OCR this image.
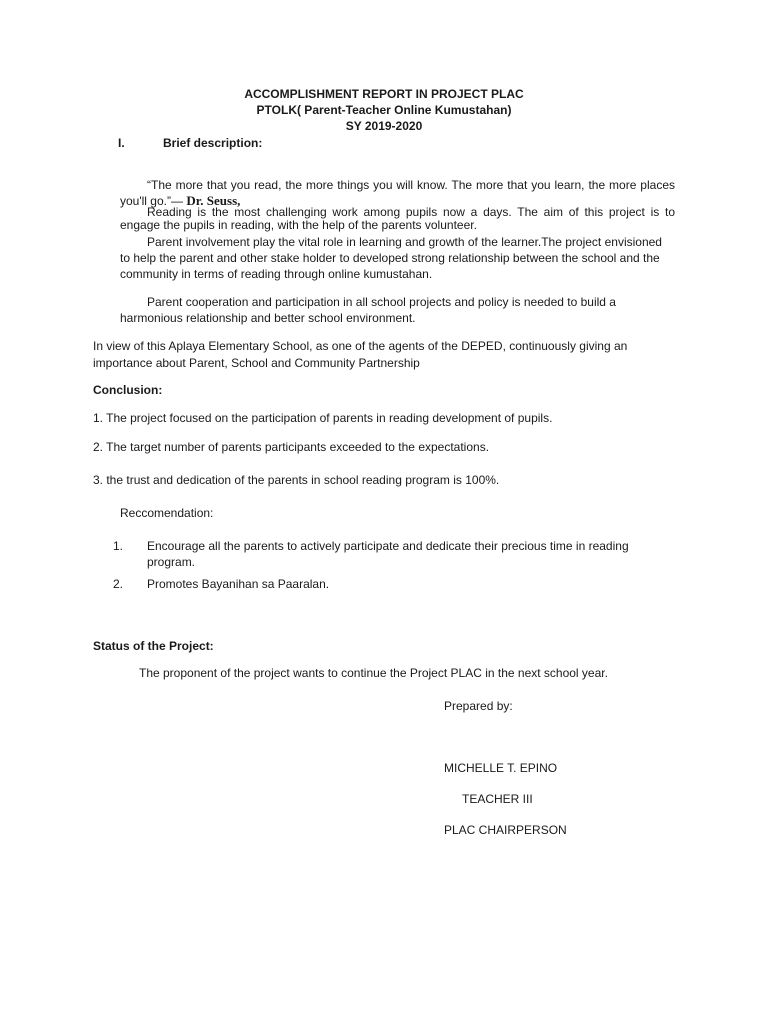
ACCOMPLISHMENT REPORT IN PROJECT PLAC
PTOLK( Parent-Teacher Online Kumustahan)
SY 2019-2020
I.	Brief description:
“The more that you read, the more things you will know. The more that you learn, the more places you'll go.”— Dr. Seuss,
Reading is the most challenging work among pupils now a days. The aim of this project is to engage the pupils in reading, with the help of the parents volunteer.
Parent involvement play the vital role in learning and growth of the learner.The project envisioned to help the parent and other stake holder to developed strong relationship between the school and the community in terms of reading through online kumustahan.
Parent cooperation and participation in all school projects and policy is needed to build a harmonious relationship and better school environment.
In view of this Aplaya Elementary School, as one of the agents of the DEPED, continuously giving an
importance about Parent, School and Community Partnership
Conclusion:
1. The project focused on the participation of parents in reading development of pupils.
2. The target number of parents participants exceeded to the expectations.
3. the trust and dedication of the parents in school reading program is 100%.
Reccomendation:
1. Encourage all the parents to actively participate and dedicate their precious time in reading
program.
2. Promotes Bayanihan sa Paaralan.
Status of the Project:
The proponent of the project wants to continue the Project PLAC in the next school year.
Prepared by:
MICHELLE T. EPINO
TEACHER III
PLAC CHAIRPERSON
